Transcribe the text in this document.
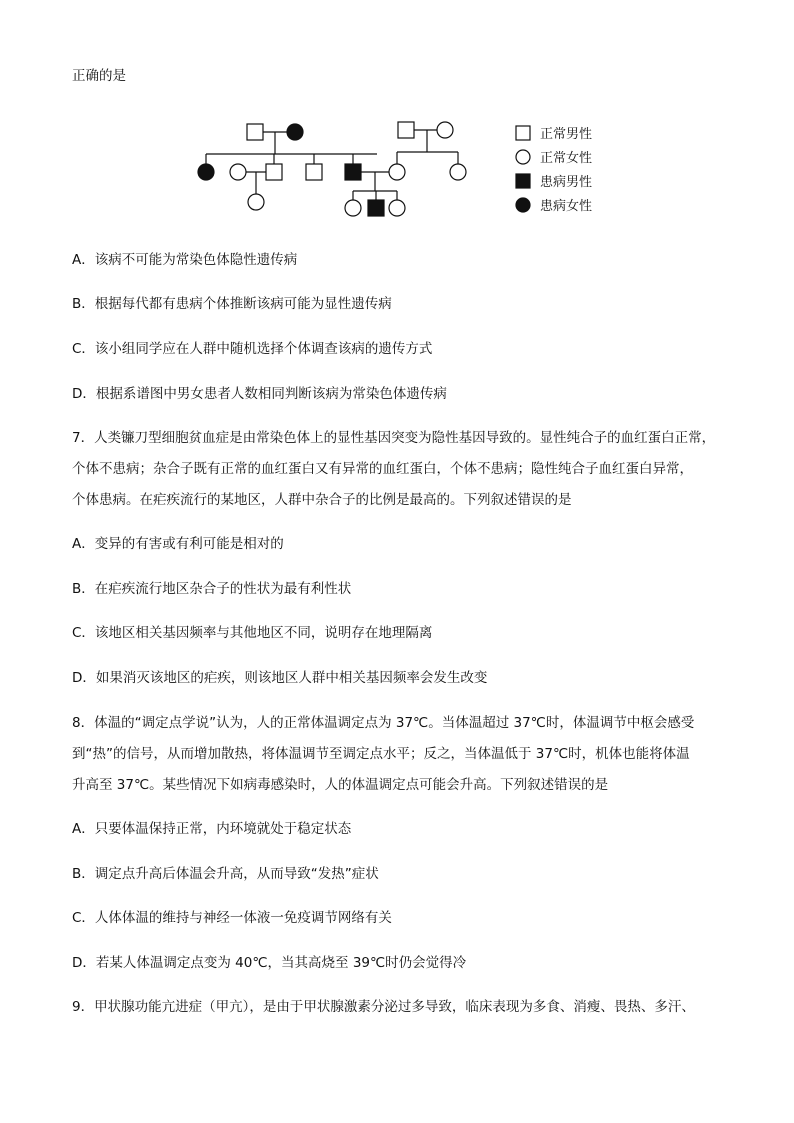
正确的是
正常男性
正常女性
患病男性
患病女性
A．该病不可能为常染色体隐性遗传病
B．根据每代都有患病个体推断该病可能为显性遗传病
C．该小组同学应在人群中随机选择个体调查该病的遗传方式
D．根据系谱图中男女患者人数相同判断该病为常染色体遗传病
7．人类镰刀型细胞贫血症是由常染色体上的显性基因突变为隐性基因导致的。显性纯合子的血红蛋白正常，
个体不患病；杂合子既有正常的血红蛋白又有异常的血红蛋白，个体不患病；隐性纯合子血红蛋白异常，
个体患病。在疟疾流行的某地区，人群中杂合子的比例是最高的。下列叙述错误的是
A．变异的有害或有利可能是相对的
B．在疟疾流行地区杂合子的性状为最有利性状
C．该地区相关基因频率与其他地区不同，说明存在地理隔离
D．如果消灭该地区的疟疾，则该地区人群中相关基因频率会发生改变
8．体温的“调定点学说”认为，人的正常体温调定点为 37℃。当体温超过 37℃时，体温调节中枢会感受
到“热”的信号，从而增加散热，将体温调节至调定点水平；反之，当体温低于 37℃时，机体也能将体温
升高至 37℃。某些情况下如病毒感染时，人的体温调定点可能会升高。下列叙述错误的是
A．只要体温保持正常，内环境就处于稳定状态
B．调定点升高后体温会升高，从而导致“发热”症状
C．人体体温的维持与神经一体液一免疫调节网络有关
D．若某人体温调定点变为 40℃，当其高烧至 39℃时仍会觉得冷
9．甲状腺功能亢进症（甲亢），是由于甲状腺激素分泌过多导致，临床表现为多食、消瘦、畏热、多汗、
